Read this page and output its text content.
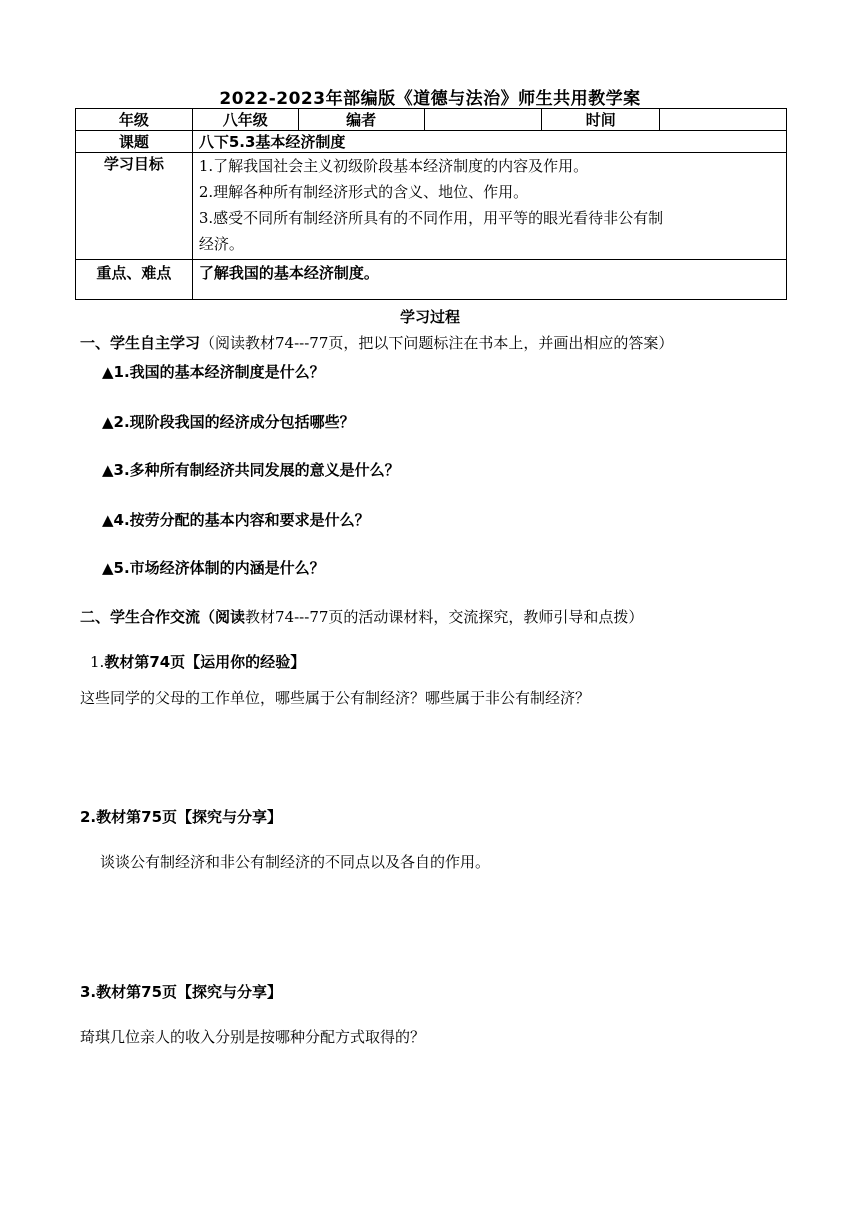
2022-2023年部编版《道德与法治》师生共用教学案
年级	八年级	编者		时间	
课题	八下5.3基本经济制度				
学习目标	1.了解我国社会主义初级阶段基本经济制度的内容及作用。
2.理解各种所有制经济形式的含义、地位、作用。
3.感受不同所有制经济所具有的不同作用，用平等的眼光看待非公有制
经济。				

重点、难点	了解我国的基本经济制度。				
学习过程
一、学生自主学习（阅读教材74---77页，把以下问题标注在书本上，并画出相应的答案）
▲1.我国的基本经济制度是什么？
▲2.现阶段我国的经济成分包括哪些？
▲3.多种所有制经济共同发展的意义是什么？
▲4.按劳分配的基本内容和要求是什么？
▲5.市场经济体制的内涵是什么？
二、学生合作交流（阅读教材74---77页的活动课材料，交流探究，教师引导和点拨）
1.教材第74页【运用你的经验】
这些同学的父母的工作单位，哪些属于公有制经济？哪些属于非公有制经济？
2.教材第75页【探究与分享】
谈谈公有制经济和非公有制经济的不同点以及各自的作用。
3.教材第75页【探究与分享】
琦琪几位亲人的收入分别是按哪种分配方式取得的？
